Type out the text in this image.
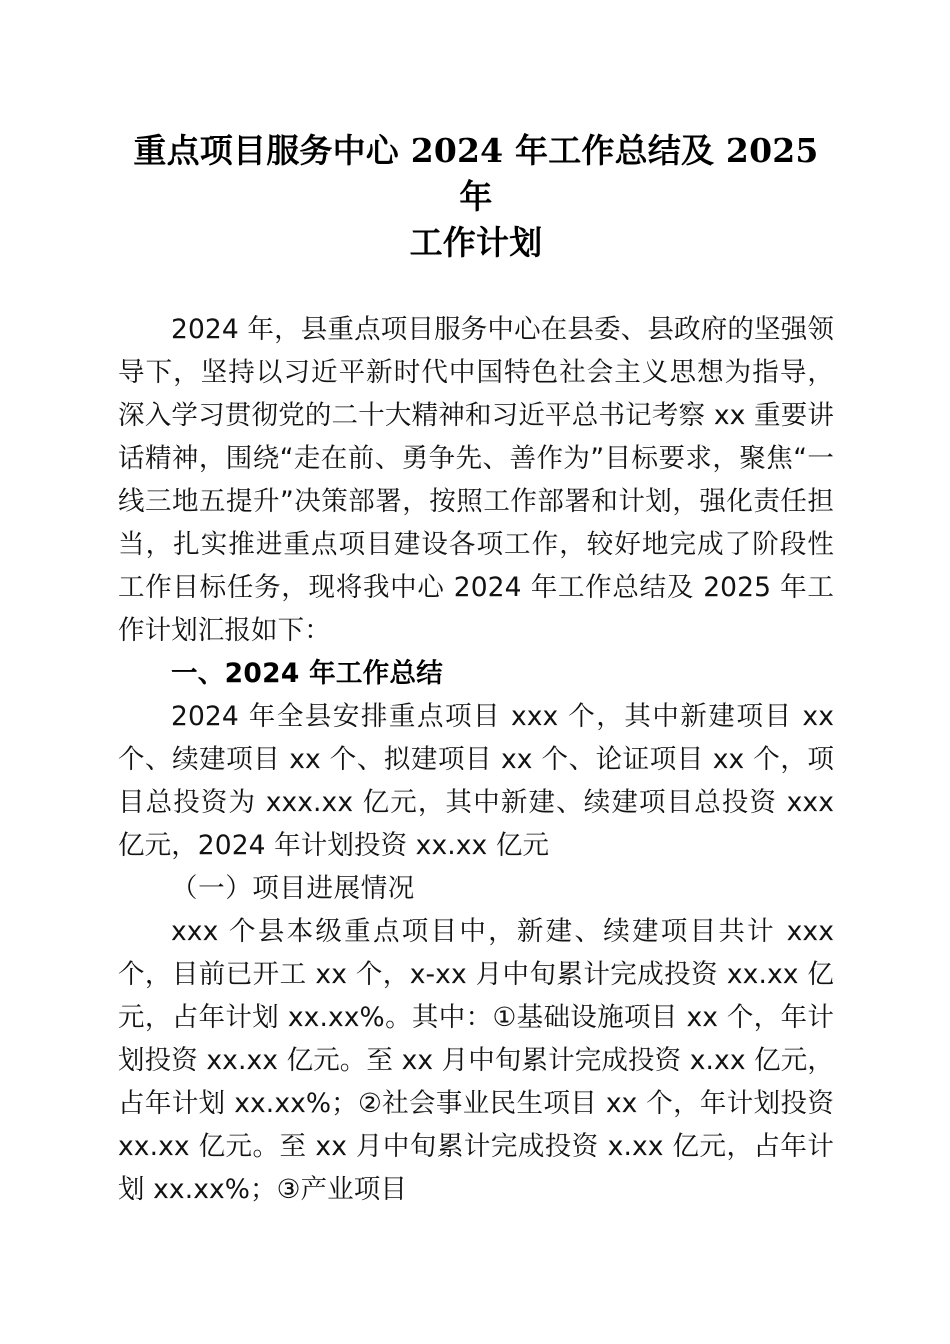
重点项目服务中心 2024 年工作总结及 2025 年
工作计划

2024 年，县重点项目服务中心在县委、县政府的坚强领导下，坚持以习近平新时代中国特色社会主义思想为指导，深入学习贯彻党的二十大精神和习近平总书记考察 xx 重要讲话精神，围绕“走在前、勇争先、善作为”目标要求，聚焦“一线三地五提升”决策部署，按照工作部署和计划，强化责任担当，扎实推进重点项目建设各项工作，较好地完成了阶段性工作目标任务，现将我中心 2024 年工作总结及 2025 年工作计划汇报如下：

一、2024 年工作总结

2024 年全县安排重点项目 xxx 个，其中新建项目 xx 个、续建项目 xx 个、拟建项目 xx 个、论证项目 xx 个，项目总投资为 xxx.xx 亿元，其中新建、续建项目总投资 xxx 亿元，2024 年计划投资 xx.xx 亿元

（一）项目进展情况

xxx 个县本级重点项目中，新建、续建项目共计 xxx 个，目前已开工 xx 个，x-xx 月中旬累计完成投资 xx.xx 亿元，占年计划 xx.xx%。其中：①基础设施项目 xx 个，年计划投资 xx.xx 亿元。至 xx 月中旬累计完成投资 x.xx 亿元，占年计划 xx.xx%；②社会事业民生项目 xx 个，年计划投资 xx.xx 亿元。至 xx 月中旬累计完成投资 x.xx 亿元，占年计划 xx.xx%；③产业项目
